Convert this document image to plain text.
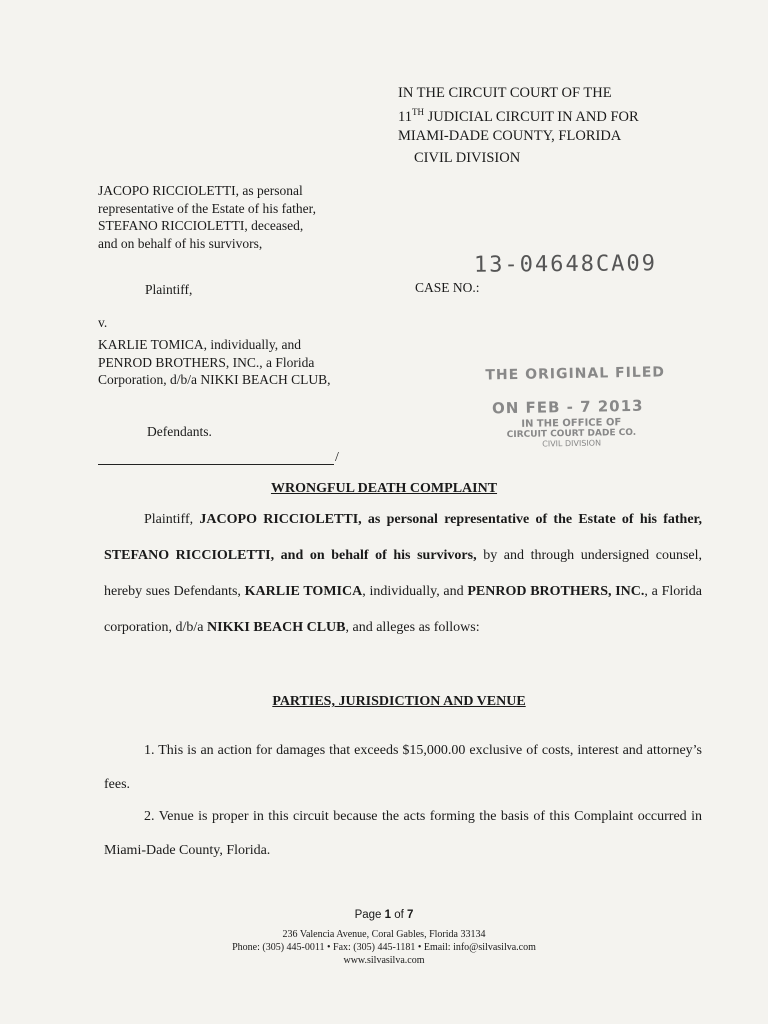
IN THE CIRCUIT COURT OF THE
11TH JUDICIAL CIRCUIT IN AND FOR
MIAMI-DADE COUNTY, FLORIDA
CIVIL DIVISION
JACOPO RICCIOLETTI, as personal
representative of the Estate of his father,
STEFANO RICCIOLETTI, deceased,
and on behalf of his survivors,
13-04648CA09
Plaintiff,	CASE NO.:
v.
KARLIE TOMICA, individually, and
PENROD BROTHERS, INC., a Florida
Corporation, d/b/a NIKKI BEACH CLUB,	THE ORIGINAL FILED
ON FEB - 7 2013
IN THE OFFICE OF
CIRCUIT COURT DADE CO.
CIVIL DIVISION
Defendants.
/
WRONGFUL DEATH COMPLAINT

Plaintiff, JACOPO RICCIOLETTI, as personal representative of the Estate of his father, STEFANO RICCIOLETTI, and on behalf of his survivors, by and through undersigned counsel, hereby sues Defendants, KARLIE TOMICA, individually, and PENROD BROTHERS, INC., a Florida corporation, d/b/a NIKKI BEACH CLUB, and alleges as follows:

PARTIES, JURISDICTION AND VENUE

1. This is an action for damages that exceeds $15,000.00 exclusive of costs, interest and attorney’s fees.

2. Venue is proper in this circuit because the acts forming the basis of this Complaint occurred in Miami-Dade County, Florida.

Page 1 of 7
236 Valencia Avenue, Coral Gables, Florida 33134
Phone: (305) 445-0011 • Fax: (305) 445-1181 • Email: info@silvasilva.com
www.silvasilva.com
